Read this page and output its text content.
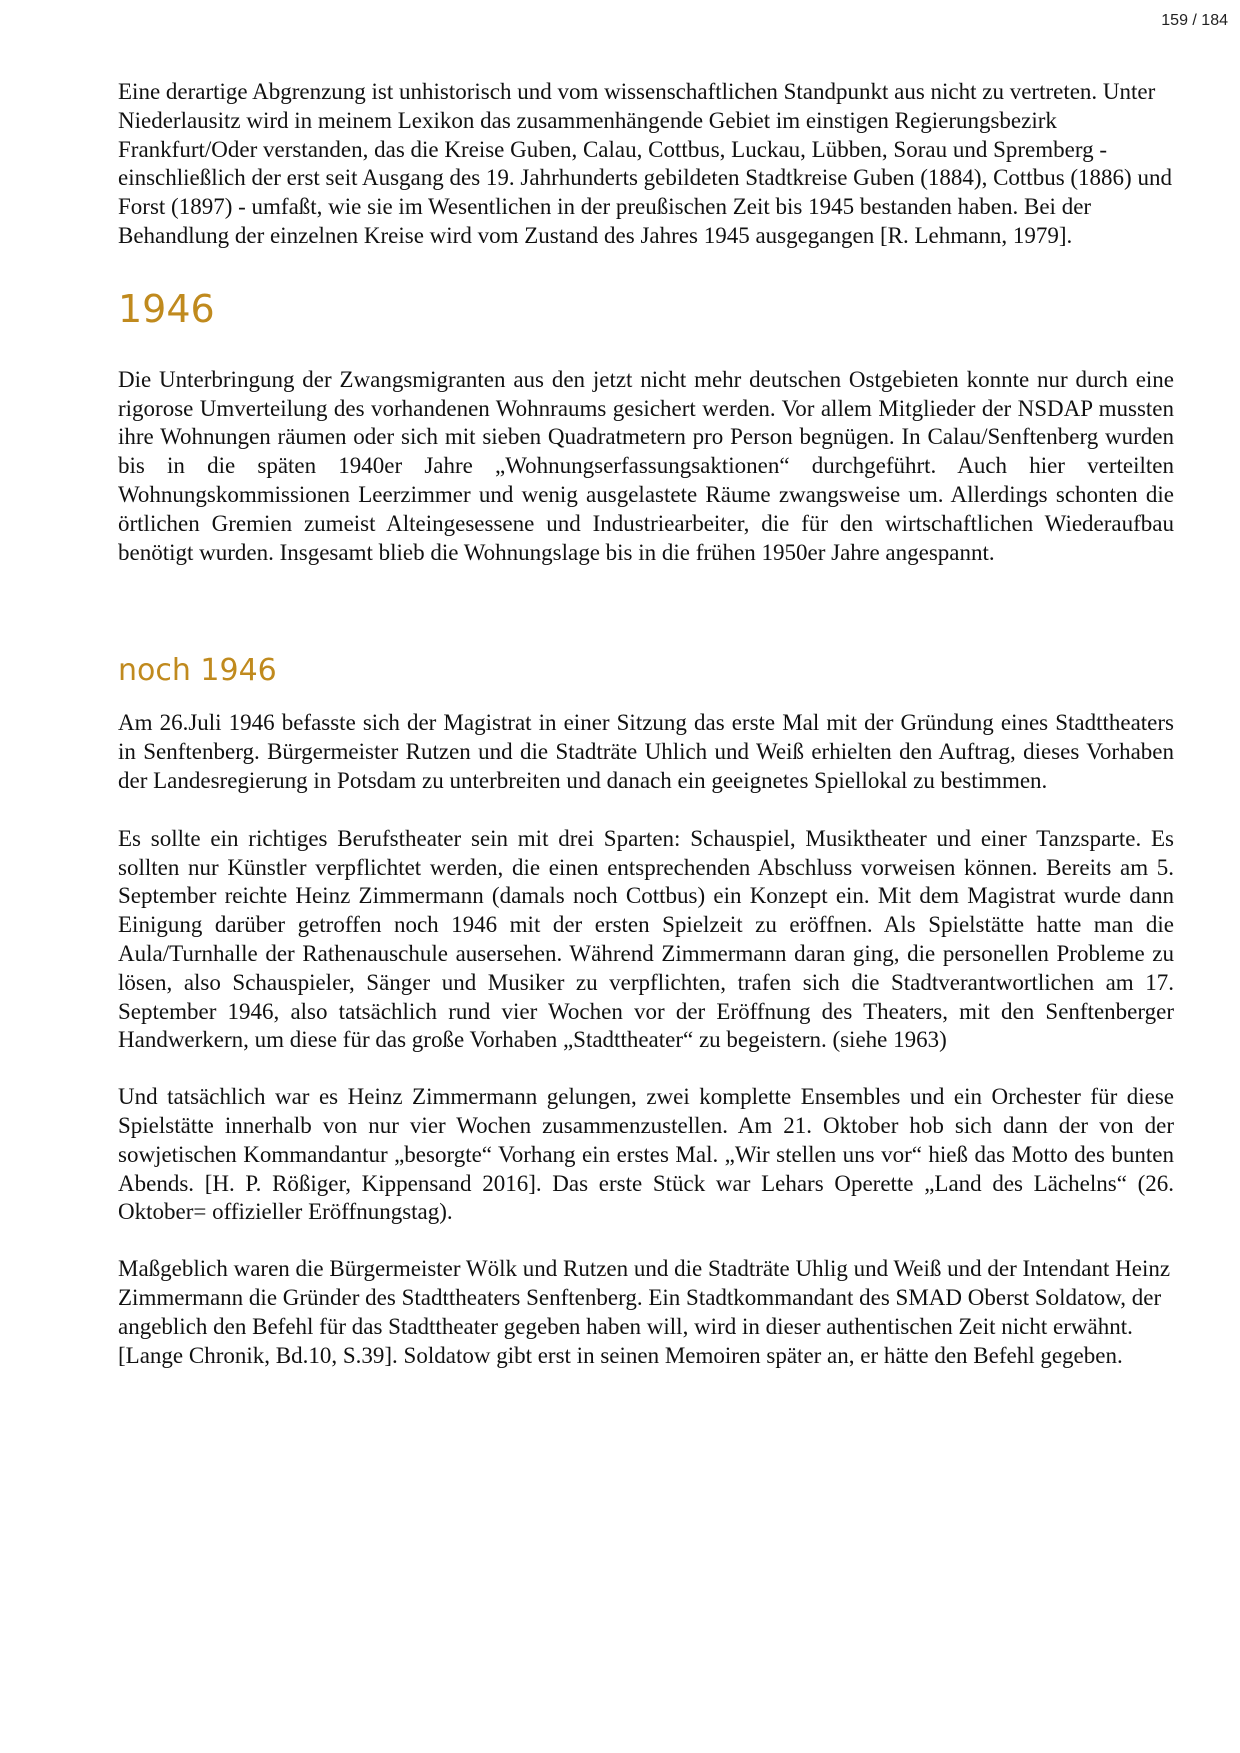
159 / 184

Eine derartige Abgrenzung ist unhistorisch und vom wissenschaftlichen Standpunkt aus nicht zu vertreten. Unter Niederlausitz wird in meinem Lexikon das zusammenhängende Gebiet im einstigen Regierungsbezirk Frankfurt/Oder verstanden, das die Kreise Guben, Calau, Cottbus, Luckau, Lübben, Sorau und Spremberg -einschließlich der erst seit Ausgang des 19. Jahrhunderts gebildeten Stadtkreise Guben (1884), Cottbus (1886) und Forst (1897) - umfaßt, wie sie im Wesentlichen in der preußischen Zeit bis 1945 bestanden haben. Bei der Behandlung der einzelnen Kreise wird vom Zustand des Jahres 1945 ausgegangen [R. Lehmann, 1979].

1946

Die Unterbringung der Zwangsmigranten aus den jetzt nicht mehr deutschen Ostgebieten konnte nur durch eine rigorose Umverteilung des vorhandenen Wohnraums gesichert werden. Vor allem Mitglieder der NSDAP mussten ihre Wohnungen räumen oder sich mit sieben Quadratmetern pro Person begnügen. In Calau/Senftenberg wurden bis in die späten 1940er Jahre „Wohnungserfassungsaktionen“ durchgeführt. Auch hier verteilten Wohnungskommissionen Leerzimmer und wenig ausgelastete Räume zwangsweise um. Allerdings schonten die örtlichen Gremien zumeist Alteingesessene und Industriearbeiter, die für den wirtschaftlichen Wiederaufbau benötigt wurden. Insgesamt blieb die Wohnungslage bis in die frühen 1950er Jahre angespannt.

noch 1946

Am 26.Juli 1946 befasste sich der Magistrat in einer Sitzung das erste Mal mit der Gründung eines Stadttheaters in Senftenberg. Bürgermeister Rutzen und die Stadträte Uhlich und Weiß erhielten den Auftrag, dieses Vorhaben der Landesregierung in Potsdam zu unterbreiten und danach ein geeignetes Spiellokal zu bestimmen.

Es sollte ein richtiges Berufstheater sein mit drei Sparten: Schauspiel, Musiktheater und einer Tanzsparte. Es sollten nur Künstler verpflichtet werden, die einen entsprechenden Abschluss vorweisen können. Bereits am 5. September reichte Heinz Zimmermann (damals noch Cottbus) ein Konzept ein. Mit dem Magistrat wurde dann Einigung darüber getroffen noch 1946 mit der ersten Spielzeit zu eröffnen. Als Spielstätte hatte man die Aula/Turnhalle der Rathenauschule ausersehen. Während Zimmermann daran ging, die personellen Probleme zu lösen, also Schauspieler, Sänger und Musiker zu verpflichten, trafen sich die Stadtverantwortlichen am 17. September 1946, also tatsächlich rund vier Wochen vor der Eröffnung des Theaters, mit den Senftenberger Handwerkern, um diese für das große Vorhaben „Stadttheater“ zu begeistern. (siehe 1963)

Und tatsächlich war es Heinz Zimmermann gelungen, zwei komplette Ensembles und ein Orchester für diese Spielstätte innerhalb von nur vier Wochen zusammenzustellen. Am 21. Oktober hob sich dann der von der sowjetischen Kommandantur „besorgte“ Vorhang ein erstes Mal. „Wir stellen uns vor“ hieß das Motto des bunten Abends. [H. P. Rößiger, Kippensand 2016]. Das erste Stück war Lehars Operette „Land des Lächelns“ (26. Oktober= offizieller Eröffnungstag).

Maßgeblich waren die Bürgermeister Wölk und Rutzen und die Stadträte Uhlig und Weiß und der Intendant Heinz Zimmermann die Gründer des Stadttheaters Senftenberg. Ein Stadtkommandant des SMAD Oberst Soldatow, der angeblich den Befehl für das Stadttheater gegeben haben will, wird in dieser authentischen Zeit nicht erwähnt. [Lange Chronik, Bd.10, S.39]. Soldatow gibt erst in seinen Memoiren später an, er hätte den Befehl gegeben.
